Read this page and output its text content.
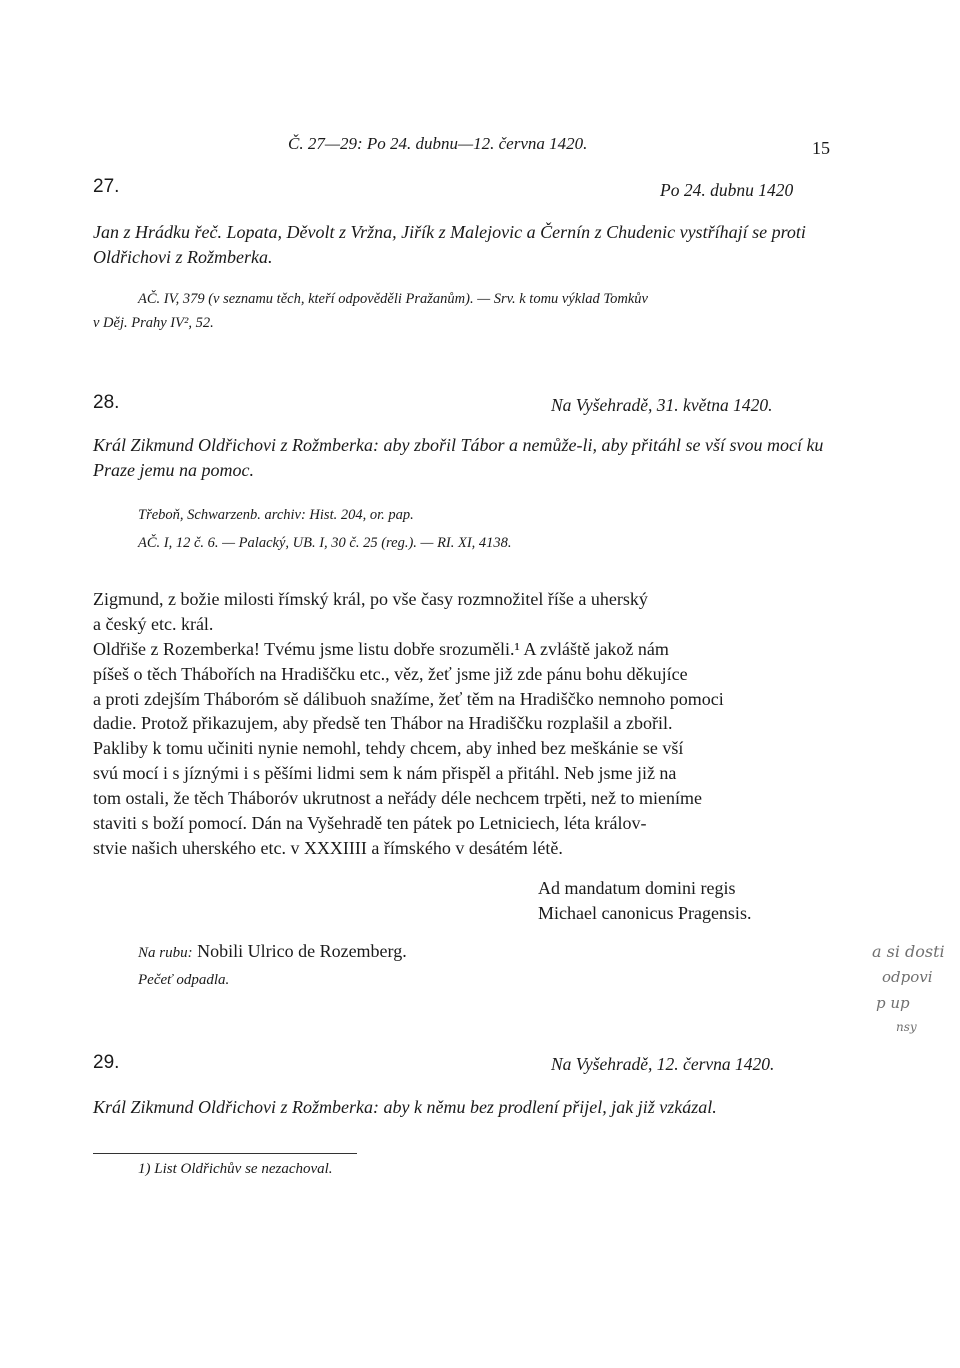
Č. 27—29: Po 24. dubnu—12. června 1420.	15
27.	Po 24. dubnu 1420
Jan z Hrádku řeč. Lopata, Děvolt z Vržna, Jiřík z Malejovic a Černín z Chudenic vystříhají se proti Oldřichovi z Rožmberka.
AČ. IV, 379 (v seznamu těch, kteří odpověděli Pražanům). — Srv. k tomu výklad Tomkův
v Děj. Prahy IV², 52.
28.	Na Vyšehradě, 31. května 1420.
Král Zikmund Oldřichovi z Rožmberka: aby zbořil Tábor a nemůže-li, aby přitáhl se vší svou mocí ku Praze jemu na pomoc.
Třeboň, Schwarzenb. archiv: Hist. 204, or. pap.
AČ. I, 12 č. 6. — Palacký, UB. I, 30 č. 25 (reg.). — RI. XI, 4138.
Zigmund, z božie milosti římský král, po vše časy rozmnožitel říše a uherský
a český etc. král.
Oldřiše z Rozemberka! Tvému jsme listu dobře srozuměli.¹ A zvláště jakož nám
píšeš o těch Thábořích na Hradiščku etc., věz, žeť jsme již zde pánu bohu děkujíce
a proti zdejším Tháboróm sě dálibuoh snažíme, žeť těm na Hradiščko nemnoho pomoci
dadie. Protož přikazujem, aby předsě ten Thábor na Hradiščku rozplašil a zbořil.
Pakliby k tomu učiniti nynie nemohl, tehdy chcem, aby inhed bez meškánie se vší
svú mocí i s jíznými i s pěšími lidmi sem k nám přispěl a přitáhl. Neb jsme již na
tom ostali, že těch Tháboróv ukrutnost a neřády déle nechcem trpěti, než to mieníme
staviti s boží pomocí. Dán na Vyšehradě ten pátek po Letniciech, léta králov-
stvie našich uherského etc. v XXXIIII a římského v desátém létě.
Ad mandatum domini regis
Michael canonicus Pragensis.
Na rubu: Nobili Ulrico de Rozemberg.
Pečeť odpadla.
a si dosti
odpovi
p up
nsy
29.	Na Vyšehradě, 12. června 1420.
Král Zikmund Oldřichovi z Rožmberka: aby k němu bez prodlení přijel, jak již vzkázal.
1) List Oldřichův se nezachoval.
